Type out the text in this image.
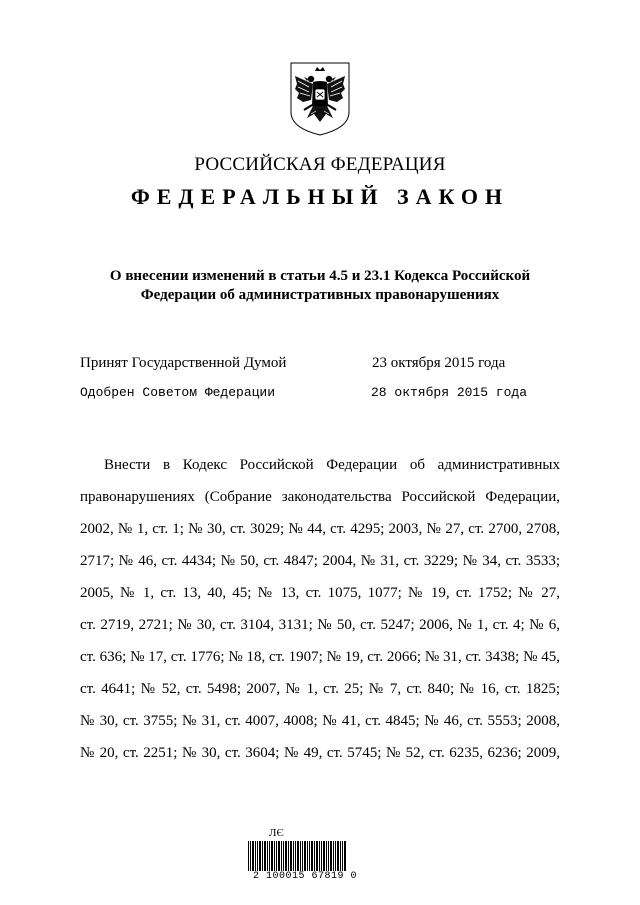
РОССИЙСКАЯ ФЕДЕРАЦИЯ
ФЕДЕРАЛЬНЫЙ ЗАКОН
О внесении изменений в статьи 4.5 и 23.1 Кодекса Российской
Федерации об административных правонарушениях
Принят Государственной Думой	23 октября 2015 года
Одобрен Советом Федерации	28 октября 2015 года
Внести в Кодекс Российской Федерации об административных
правонарушениях (Собрание законодательства Российской Федерации,
2002, № 1, ст. 1; № 30, ст. 3029; № 44, ст. 4295; 2003, № 27, ст. 2700, 2708,
2717; № 46, ст. 4434; № 50, ст. 4847; 2004, № 31, ст. 3229; № 34, ст. 3533;
2005, № 1, ст. 13, 40, 45; № 13, ст. 1075, 1077; № 19, ст. 1752; № 27,
ст. 2719, 2721; № 30, ст. 3104, 3131; № 50, ст. 5247; 2006, № 1, ст. 4; № 6,
ст. 636; № 17, ст. 1776; № 18, ст. 1907; № 19, ст. 2066; № 31, ст. 3438; № 45,
ст. 4641; № 52, ст. 5498; 2007, № 1, ст. 25; № 7, ст. 840; № 16, ст. 1825;
№ 30, ст. 3755; № 31, ст. 4007, 4008; № 41, ст. 4845; № 46, ст. 5553; 2008,
№ 20, ст. 2251; № 30, ст. 3604; № 49, ст. 5745; № 52, ст. 6235, 6236; 2009,
ЛЄ
2 100015 67819 0
